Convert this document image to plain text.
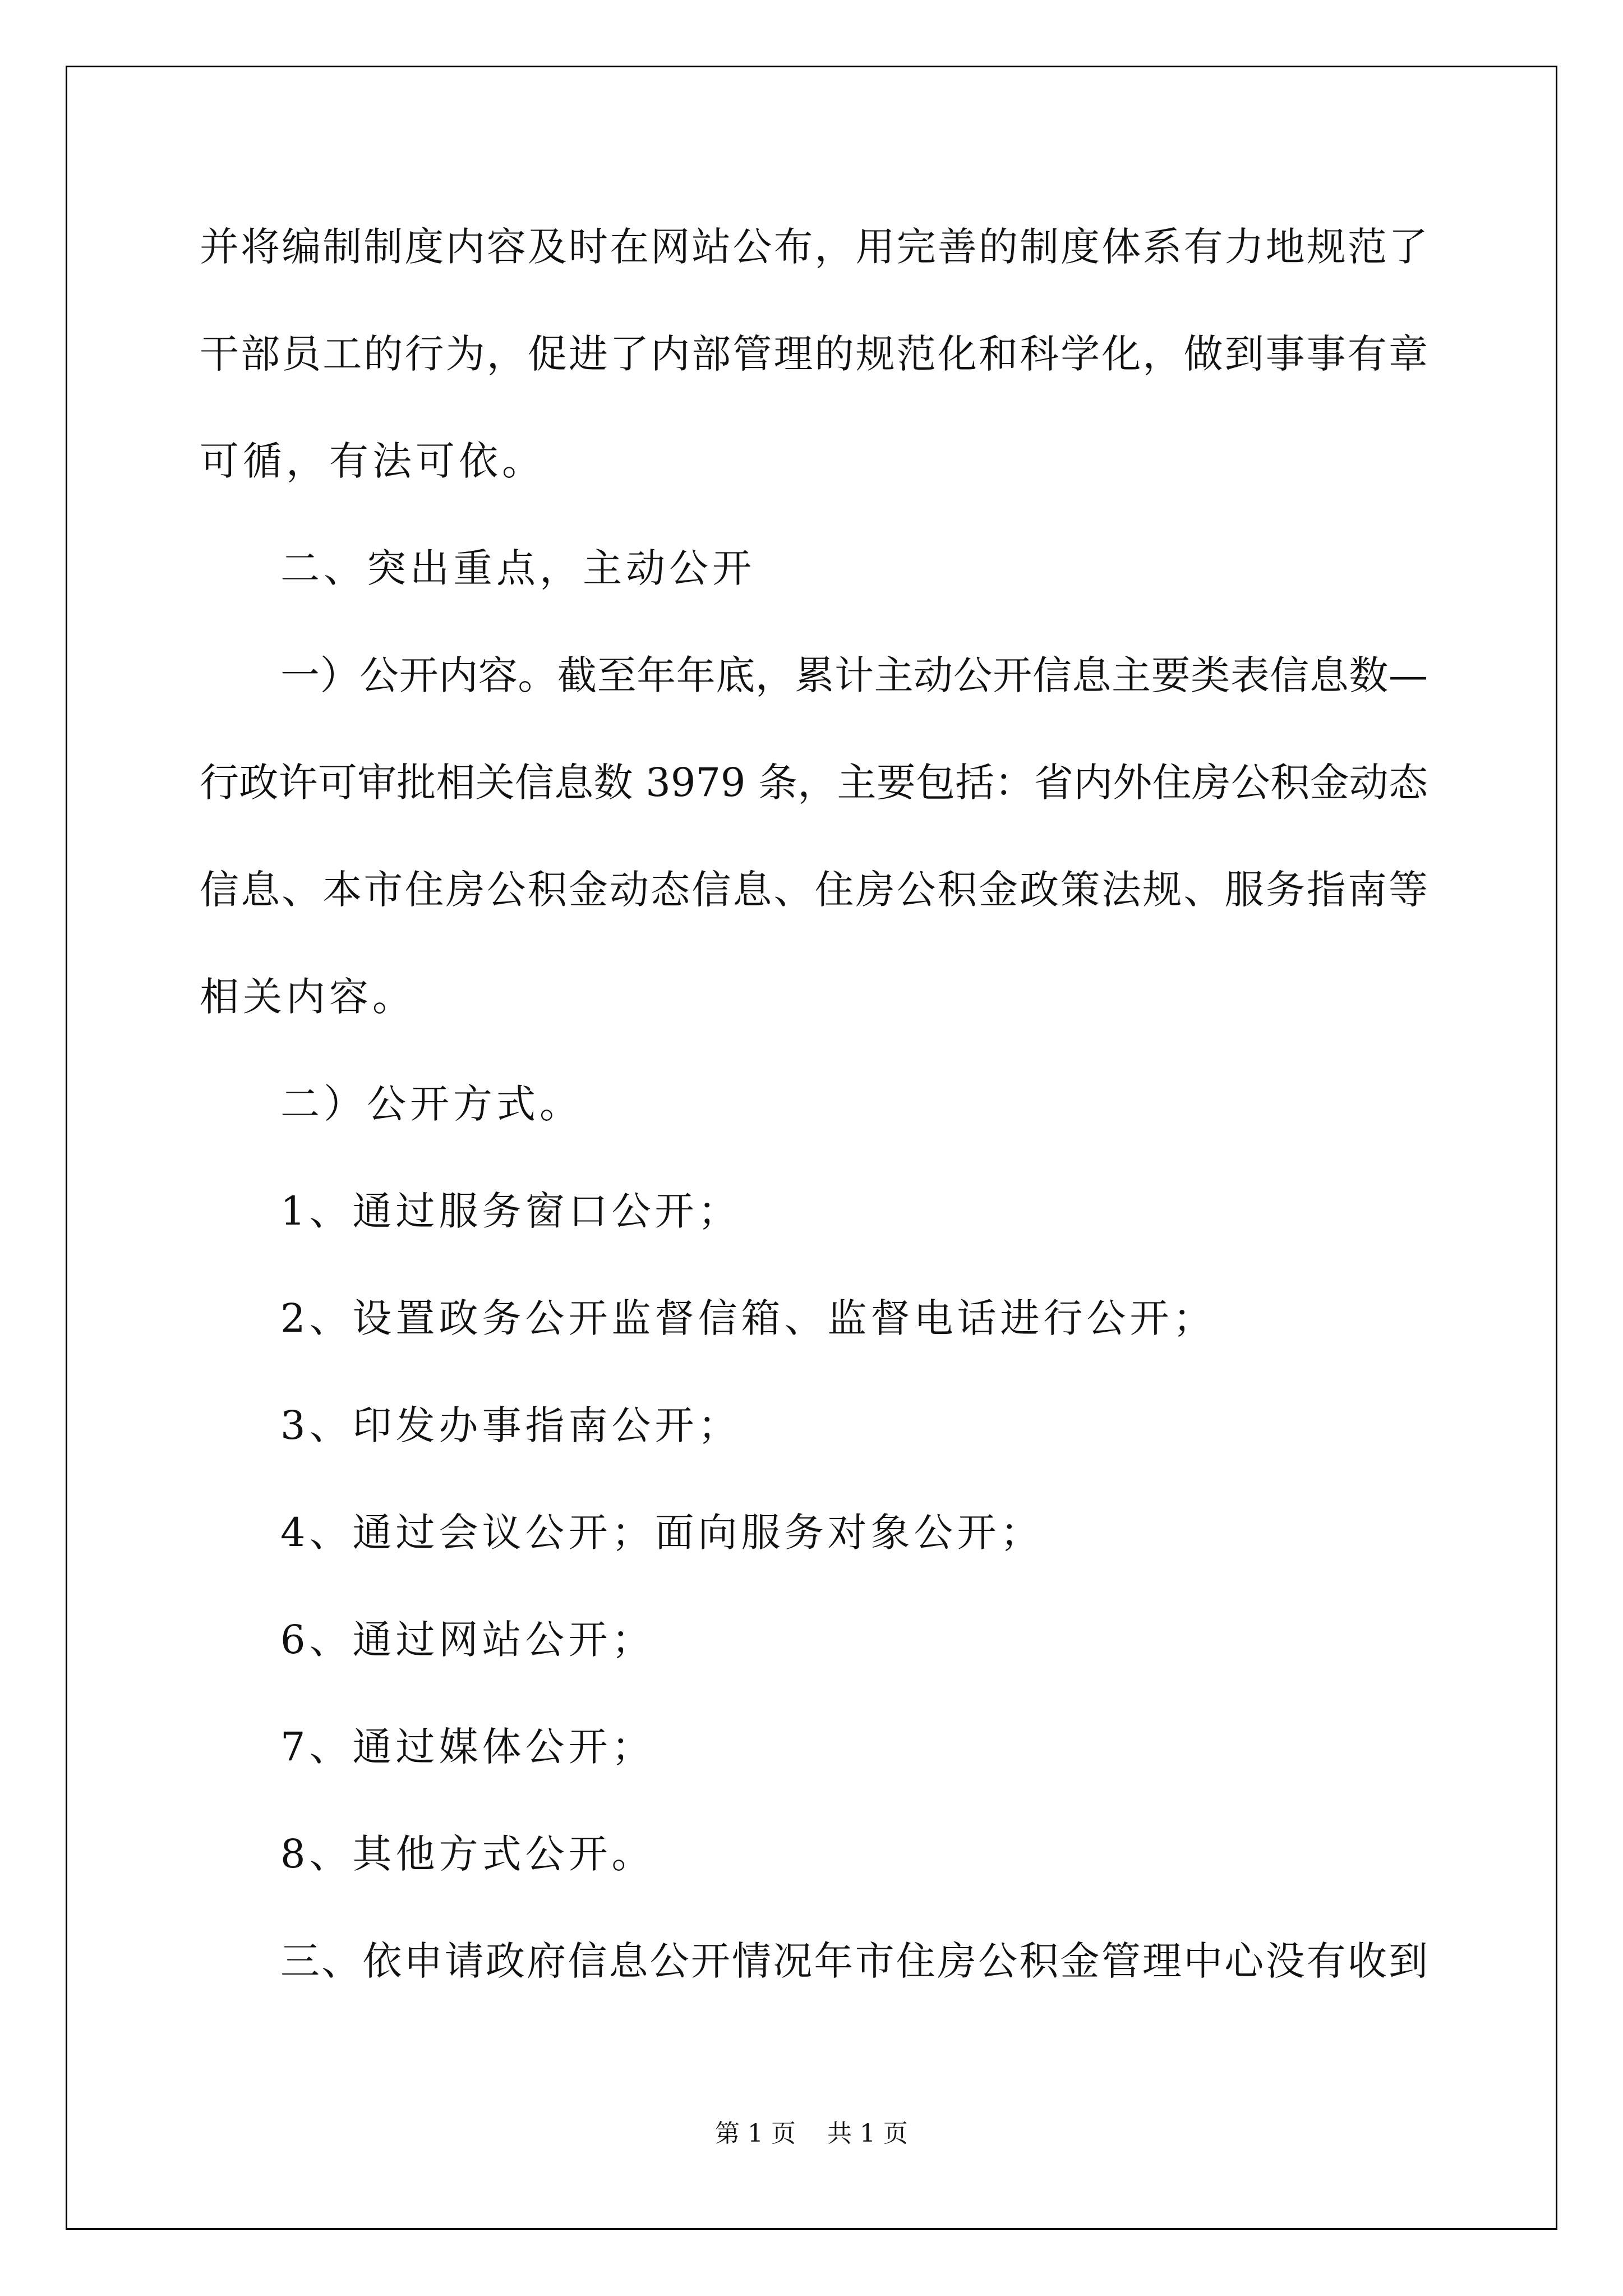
并将编制制度内容及时在网站公布，用完善的制度体系有力地规范了
干部员工的行为，促进了内部管理的规范化和科学化，做到事事有章
可循，有法可依。
二、突出重点，主动公开
一）公开内容。截至年年底，累计主动公开信息主要类表信息数—
行政许可审批相关信息数 3979 条，主要包括：省内外住房公积金动态
信息、本市住房公积金动态信息、住房公积金政策法规、服务指南等
相关内容。
二）公开方式。
1、通过服务窗口公开；
2、设置政务公开监督信箱、监督电话进行公开；
3、印发办事指南公开；
4、通过会议公开；面向服务对象公开；
6、通过网站公开；
7、通过媒体公开；
8、其他方式公开。
三、依申请政府信息公开情况年市住房公积金管理中心没有收到
第 1 页 共 1 页
